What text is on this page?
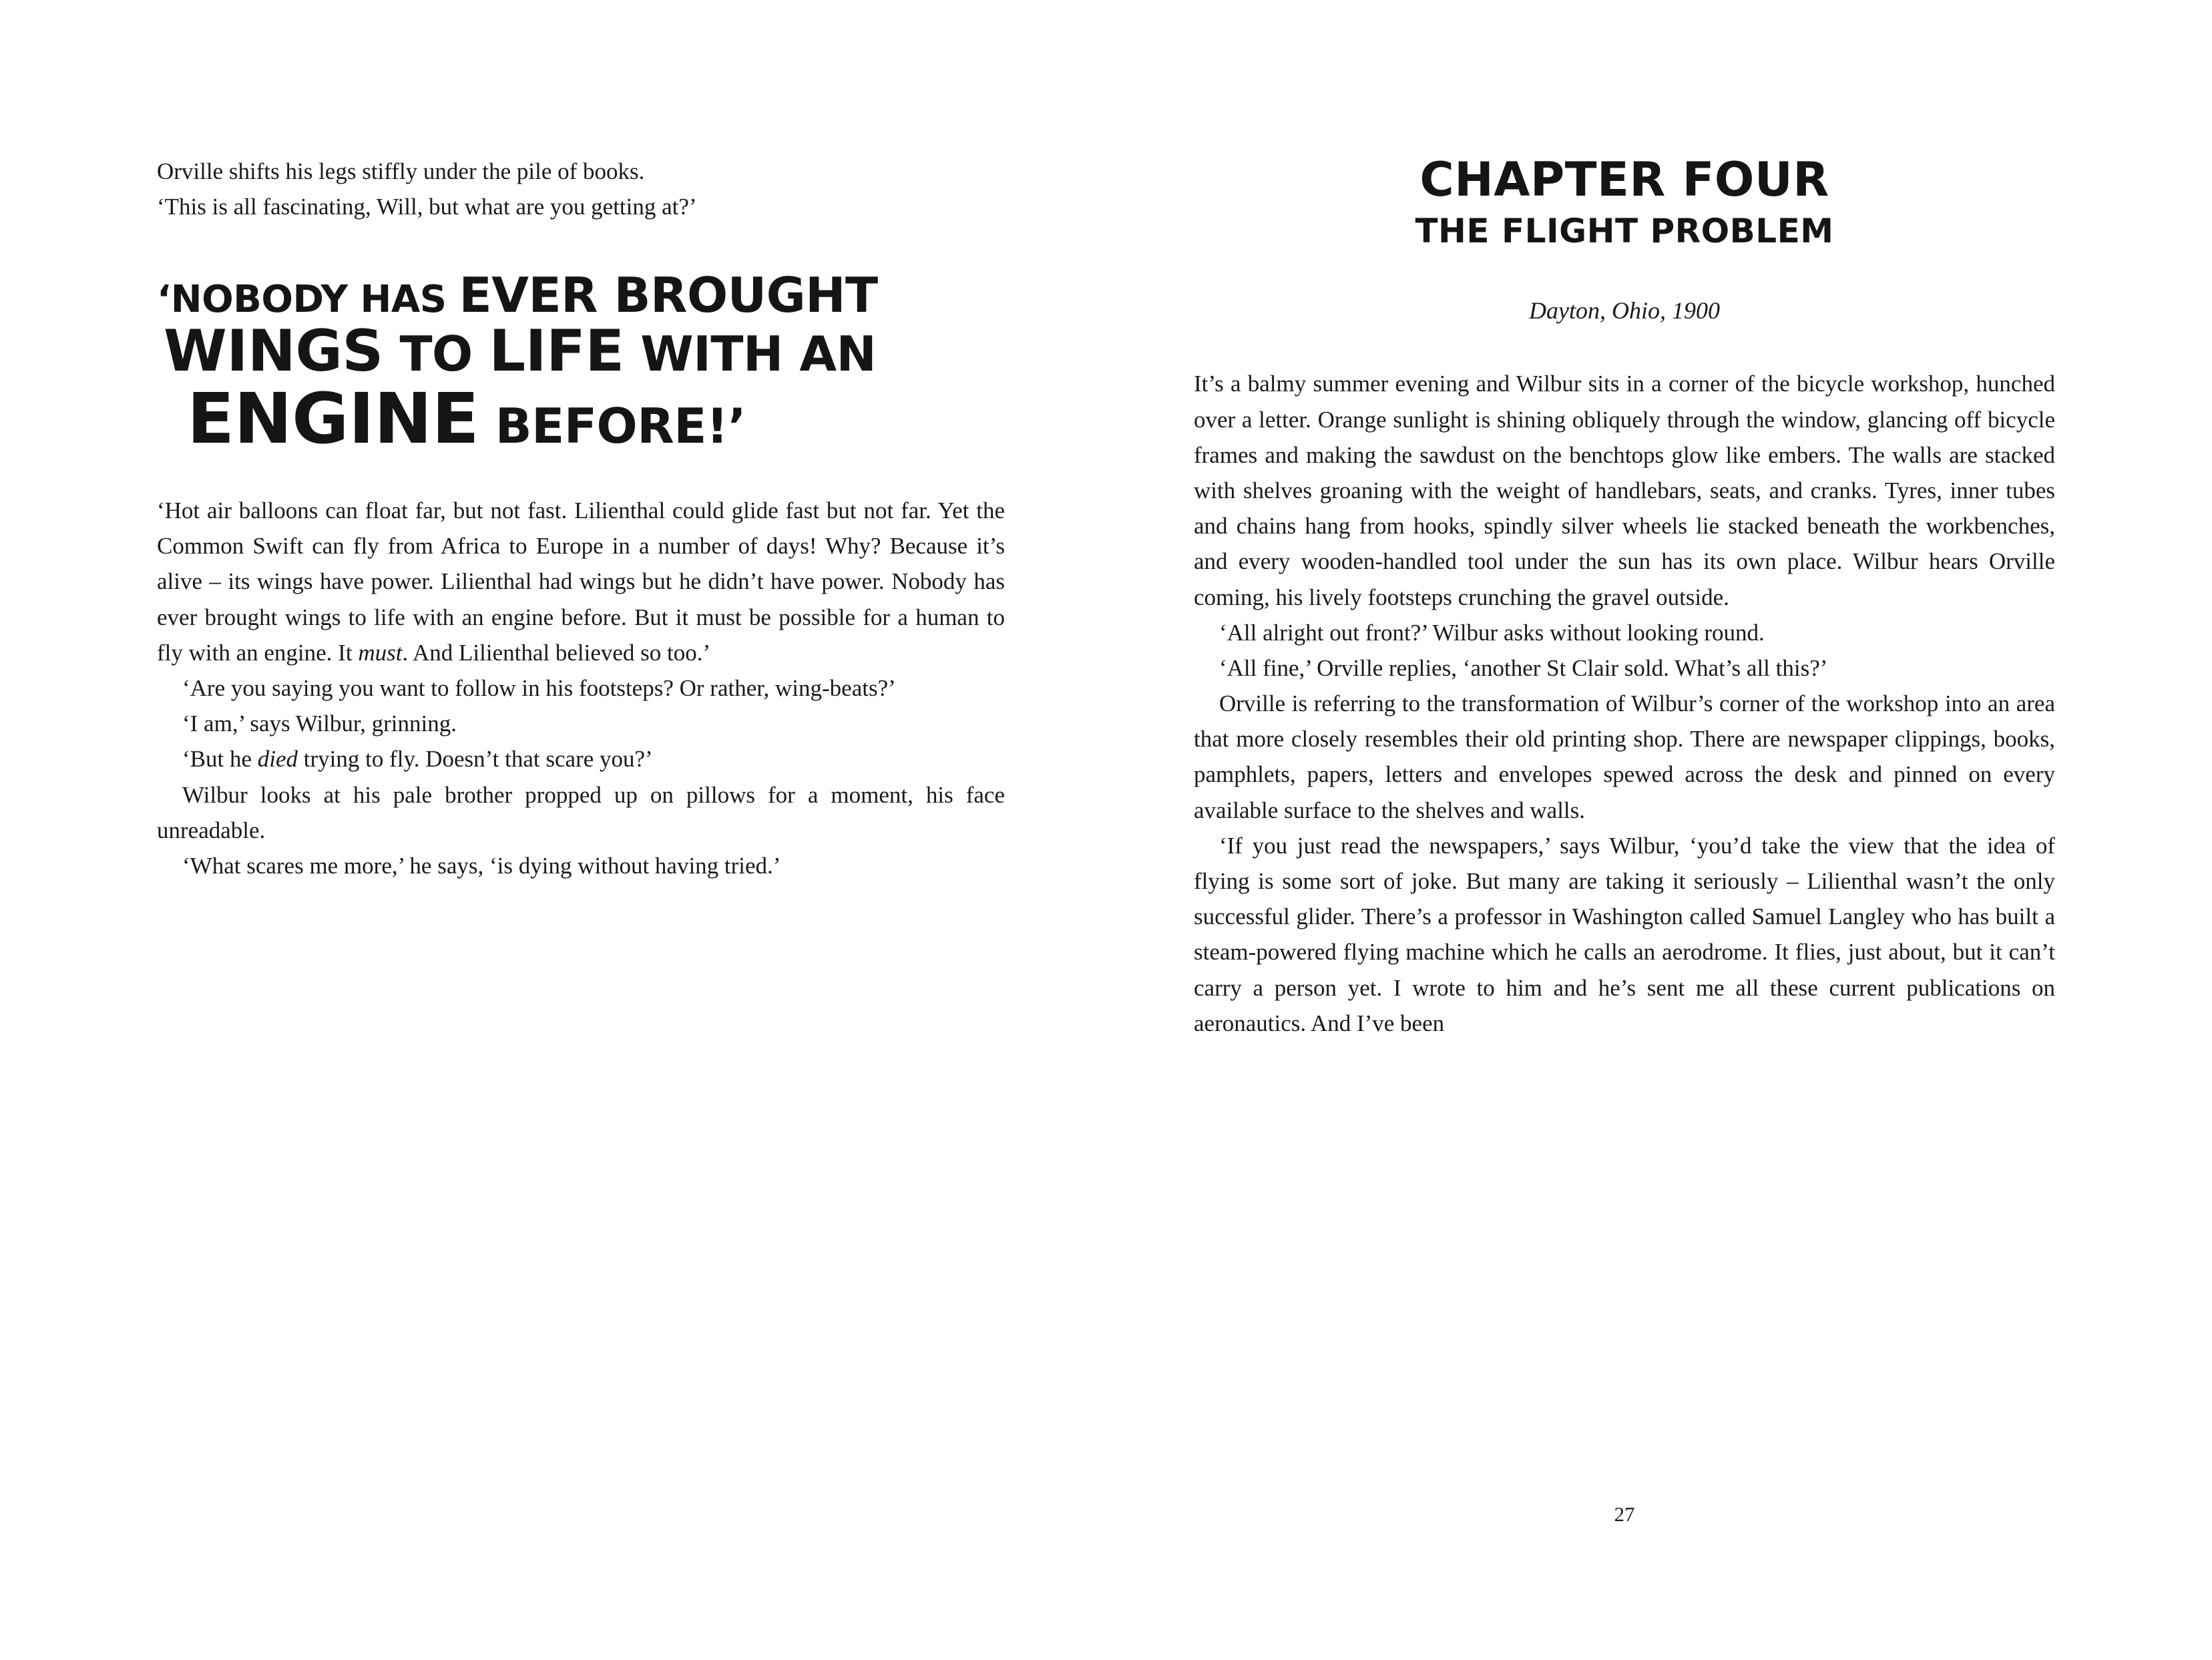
Orville shifts his legs stiffly under the pile of books.
‘This is all fascinating, Will, but what are you getting at?’
‘NOBODY HAS EVER BROUGHT
WINGS TO LIFE WITH AN
ENGINE BEFORE!’

‘Hot air balloons can float far, but not fast. Lilienthal could glide fast but not far. Yet the Common Swift can fly from Africa to Europe in a number of days! Why? Because it’s alive – its wings have power. Lilienthal had wings but he didn’t have power. Nobody has ever brought wings to life with an engine before. But it must be possible for a human to fly with an engine. It must. And Lilienthal believed so too.’

‘Are you saying you want to follow in his footsteps? Or rather, wing-beats?’

‘I am,’ says Wilbur, grinning.

‘But he died trying to fly. Doesn’t that scare you?’

Wilbur looks at his pale brother propped up on pillows for a moment, his face unreadable.

‘What scares me more,’ he says, ‘is dying without having tried.’

CHAPTER FOUR
THE FLIGHT PROBLEM
Dayton, Ohio, 1900

It’s a balmy summer evening and Wilbur sits in a corner of the bicycle workshop, hunched over a letter. Orange sunlight is shining obliquely through the window, glancing off bicycle frames and making the sawdust on the benchtops glow like embers. The walls are stacked with shelves groaning with the weight of handlebars, seats, and cranks. Tyres, inner tubes and chains hang from hooks, spindly silver wheels lie stacked beneath the workbenches, and every wooden-handled tool under the sun has its own place. Wilbur hears Orville coming, his lively footsteps crunching the gravel outside.

‘All alright out front?’ Wilbur asks without looking round.

‘All fine,’ Orville replies, ‘another St Clair sold. What’s all this?’

Orville is referring to the transformation of Wilbur’s corner of the workshop into an area that more closely resembles their old printing shop. There are newspaper clippings, books, pamphlets, papers, letters and envelopes spewed across the desk and pinned on every available surface to the shelves and walls.

‘If you just read the newspapers,’ says Wilbur, ‘you’d take the view that the idea of flying is some sort of joke. But many are taking it seriously – Lilienthal wasn’t the only successful glider. There’s a professor in Washington called Samuel Langley who has built a steam-powered flying machine which he calls an aerodrome. It flies, just about, but it can’t carry a person yet. I wrote to him and he’s sent me all these current publications on aeronautics. And I’ve been

27
